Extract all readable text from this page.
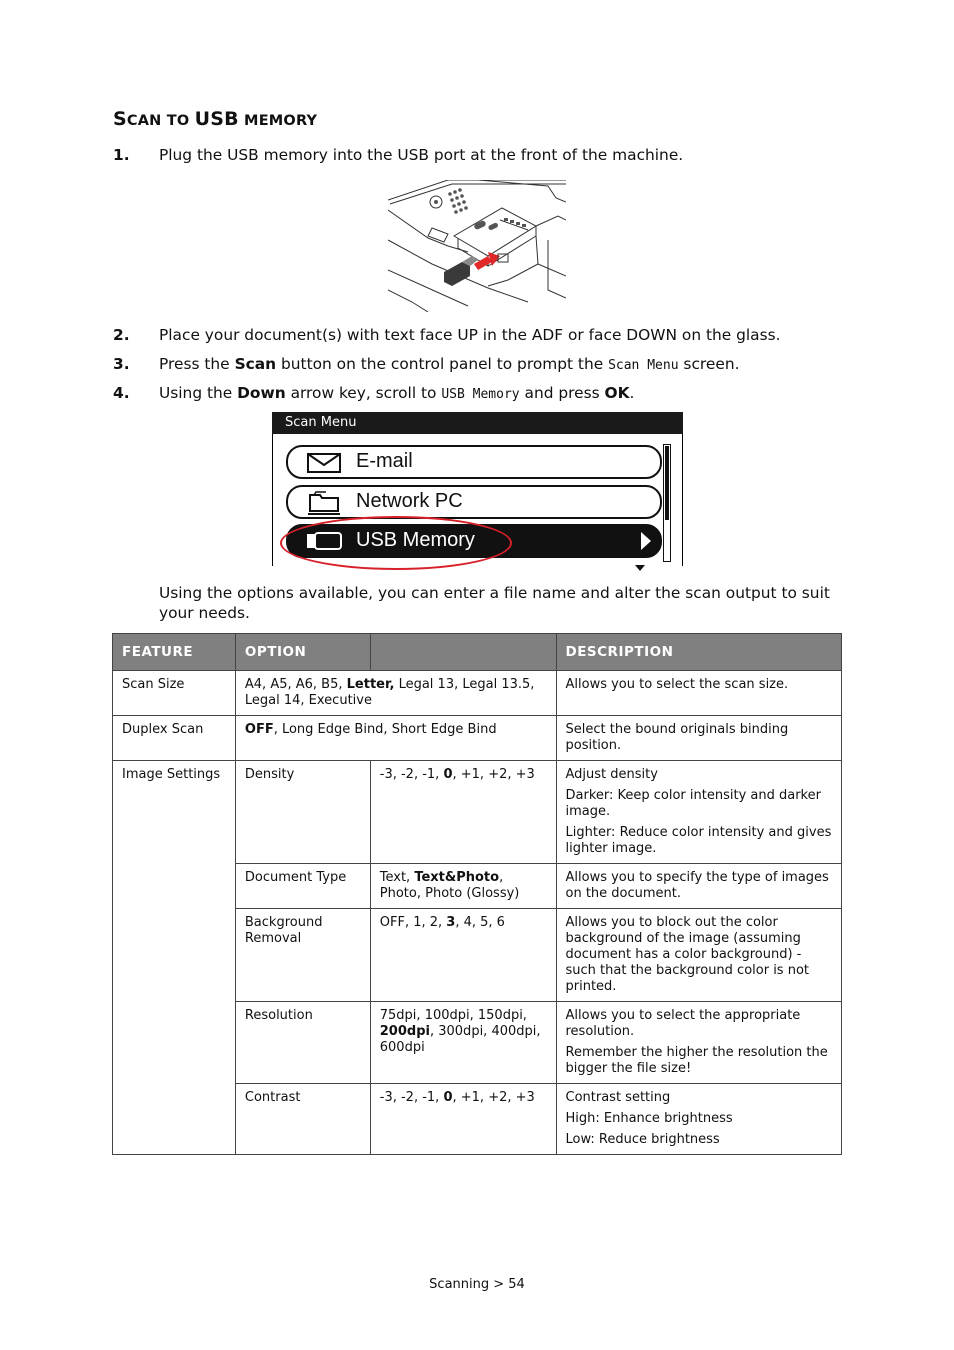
SCAN TO USB MEMORY
1. Plug the USB memory into the USB port at the front of the machine.
2. Place your document(s) with text face UP in the ADF or face DOWN on the glass.
3. Press the Scan button on the control panel to prompt the Scan Menu screen.
4. Using the Down arrow key, scroll to USB Memory and press OK.
Scan Menu
E-mail
Network PC
USB Memory
Using the options available, you can enter a file name and alter the scan output to suit your needs.
FEATURE	OPTION		DESCRIPTION
Scan Size	A4, A5, A6, B5, Letter, Legal 13, Legal 13.5, Legal 14, Executive		Allows you to select the scan size.
Duplex Scan	OFF, Long Edge Bind, Short Edge Bind		Select the bound originals binding position.
Image Settings	Density	-3, -2, -1, 0, +1, +2, +3	Adjust density

Darker: Keep color intensity and darker image.

Lighter: Reduce color intensity and gives lighter image.

	Document Type	Text, Text&Photo, Photo, Photo (Glossy)	Allows you to specify the type of images on the document.
	Background Removal	OFF, 1, 2, 3, 4, 5, 6	Allows you to block out the color background of the image (assuming document has a color background) - such that the background color is not printed.
	Resolution	75dpi, 100dpi, 150dpi, 200dpi, 300dpi, 400dpi, 600dpi	Allows you to select the appropriate resolution.

Remember the higher the resolution the bigger the file size!

	Contrast	-3, -2, -1, 0, +1, +2, +3	Contrast setting

High: Enhance brightness

Low: Reduce brightness

Scanning > 54
